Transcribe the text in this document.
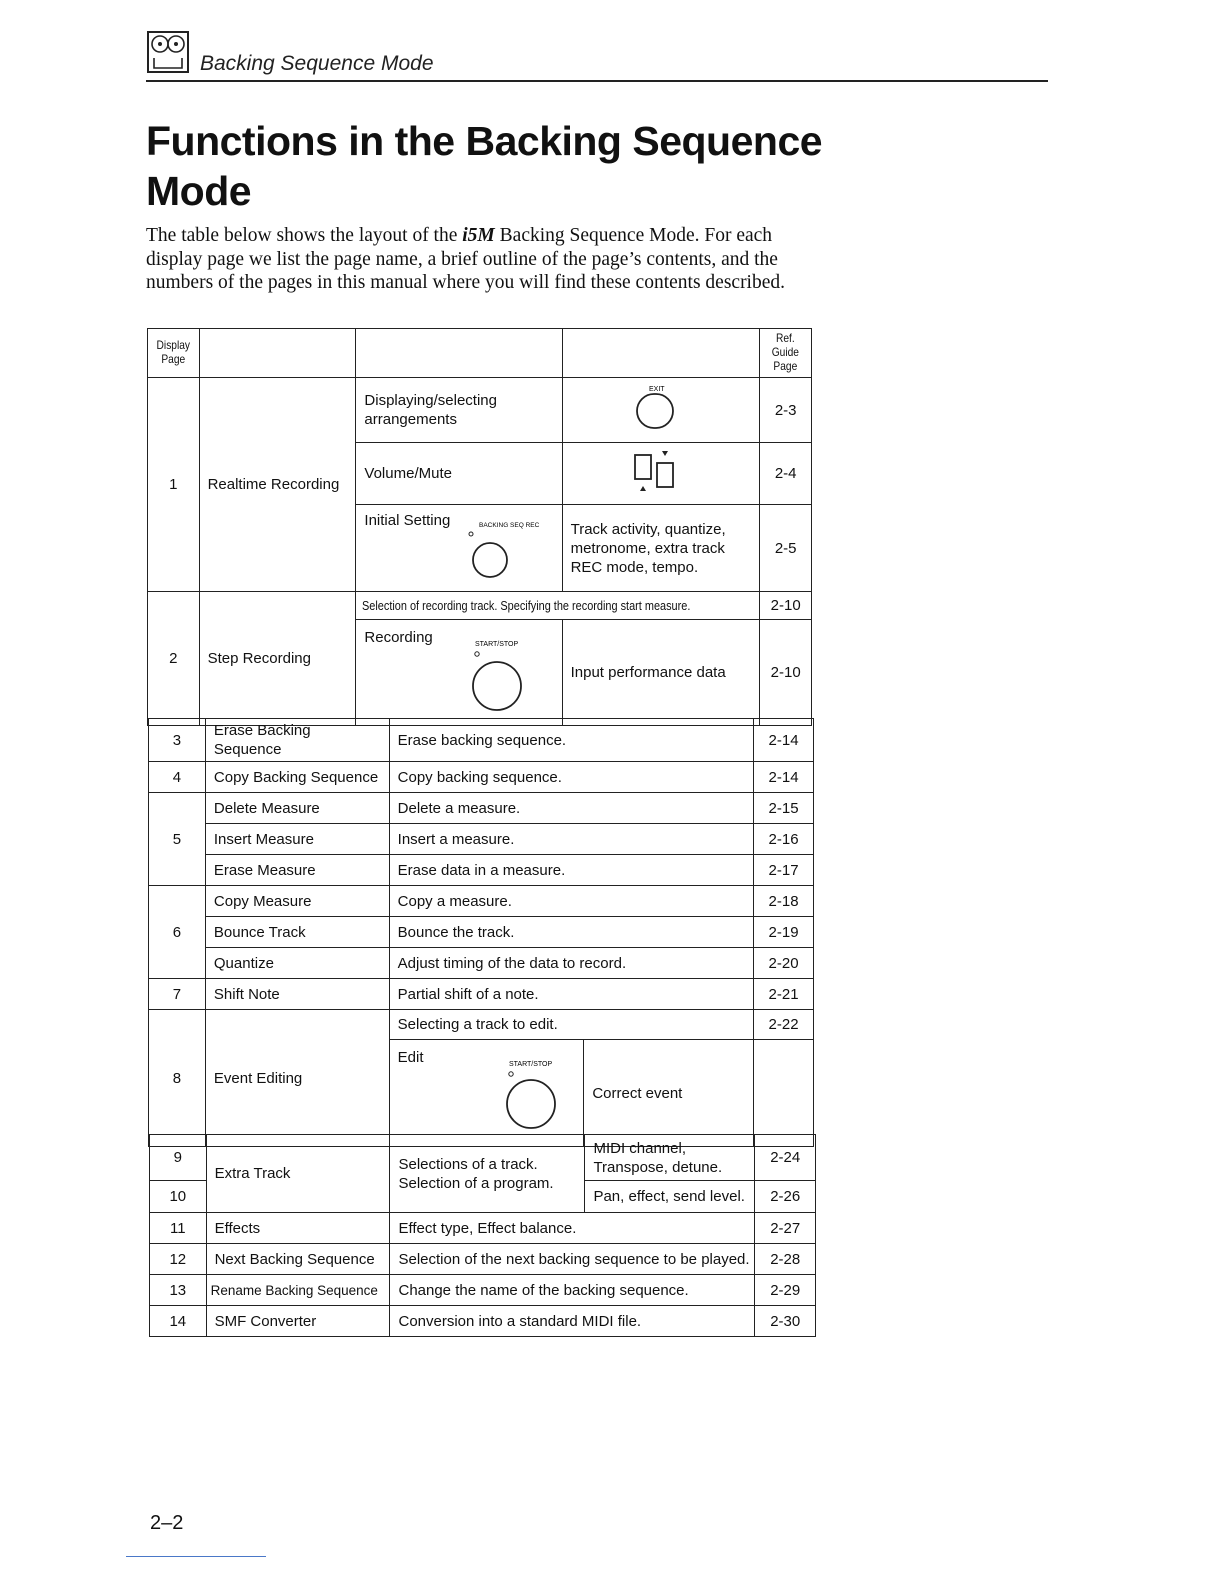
Backing Sequence Mode
Functions in the Backing Sequence Mode

The table below shows the layout of the i5M Backing Sequence Mode. For each display page we list the page name, a brief outline of the page’s contents, and the numbers of the pages in this manual where you will find these contents described.

Display Page				Ref. Guide Page
1	Realtime Recording	Displaying/selecting arrangements	EXIT	2-3
		Volume/Mute		2-4
		Initial Setting BACKING SEQ REC	Track activity, quantize, metronome, extra track REC mode, tempo.	2-5
2	Step Recording	Selection of recording track. Specifying the recording start measure.		2-10
		Recording START/STOP	Input performance data	2-10
3	Erase Backing Sequence	Erase backing sequence.		2-14
4	Copy Backing Sequence	Copy backing sequence.		2-14
5	Delete Measure	Delete a measure.		2-15
	Insert Measure	Insert a measure.		2-16
	Erase Measure	Erase data in a measure.		2-17
6	Copy Measure	Copy a measure.		2-18
	Bounce Track	Bounce the track.		2-19
	Quantize	Adjust timing of the data to record.		2-20
7	Shift Note	Partial shift of a note.		2-21
8	Event Editing	Selecting a track to edit.		2-22
		Edit START/STOP	Correct event	
9	Extra Track	Selections of a track. Selection of a program.	MIDI channel, Transpose, detune.	2-24
10			Pan, effect, send level.	2-26
11	Effects	Effect type, Effect balance.		2-27
12	Next Backing Sequence	Selection of the next backing sequence to be played.		2-28
13	Rename Backing Sequence	Change the name of the backing sequence.		2-29
14	SMF Converter	Conversion into a standard MIDI file.		2-30
2–2
